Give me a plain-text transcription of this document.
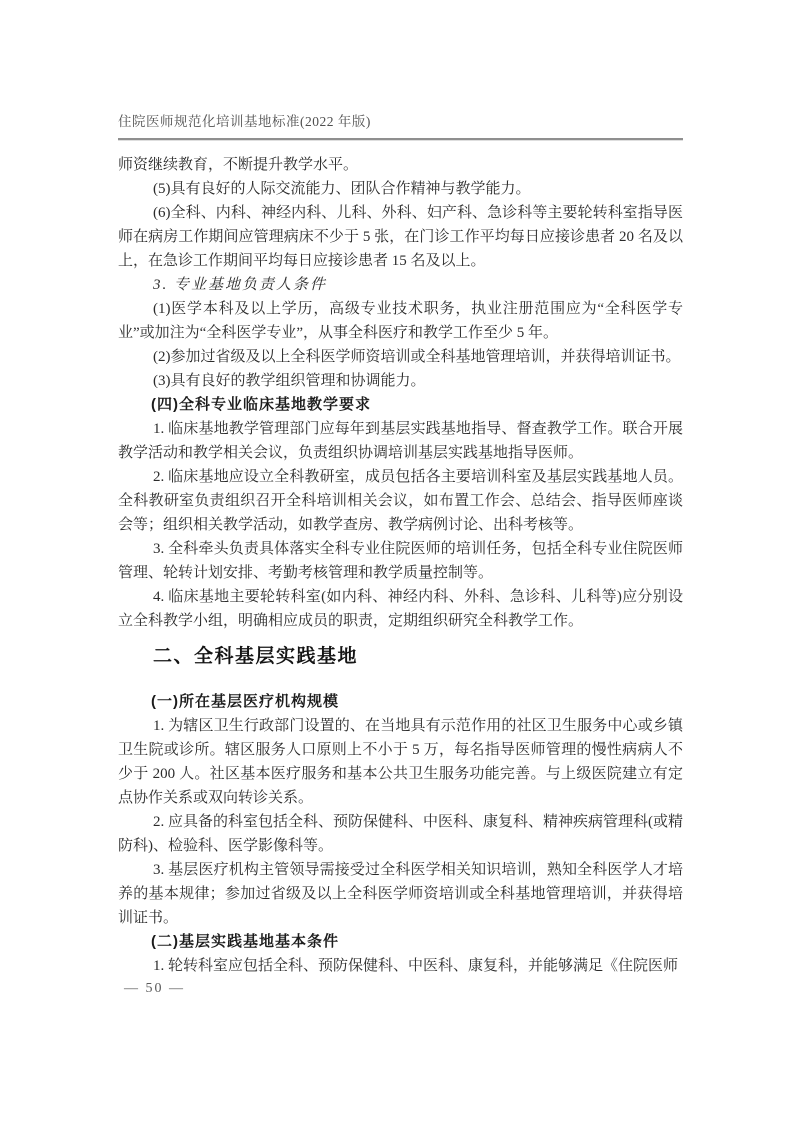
住院医师规范化培训基地标准(2022 年版)

师资继续教育，不断提升教学水平。

(5)具有良好的人际交流能力、团队合作精神与教学能力。

(6)全科、内科、神经内科、儿科、外科、妇产科、急诊科等主要轮转科室指导医师在病房工作期间应管理病床不少于 5 张，在门诊工作平均每日应接诊患者 20 名及以上，在急诊工作期间平均每日应接诊患者 15 名及以上。

3. 专业基地负责人条件

(1)医学本科及以上学历，高级专业技术职务，执业注册范围应为“全科医学专业”或加注为“全科医学专业”，从事全科医疗和教学工作至少 5 年。

(2)参加过省级及以上全科医学师资培训或全科基地管理培训，并获得培训证书。

(3)具有良好的教学组织管理和协调能力。

(四)全科专业临床基地教学要求

1. 临床基地教学管理部门应每年到基层实践基地指导、督查教学工作。联合开展教学活动和教学相关会议，负责组织协调培训基层实践基地指导医师。

2. 临床基地应设立全科教研室，成员包括各主要培训科室及基层实践基地人员。全科教研室负责组织召开全科培训相关会议，如布置工作会、总结会、指导医师座谈会等；组织相关教学活动，如教学查房、教学病例讨论、出科考核等。

3. 全科牵头负责具体落实全科专业住院医师的培训任务，包括全科专业住院医师管理、轮转计划安排、考勤考核管理和教学质量控制等。

4. 临床基地主要轮转科室(如内科、神经内科、外科、急诊科、儿科等)应分别设立全科教学小组，明确相应成员的职责，定期组织研究全科教学工作。

二、全科基层实践基地

(一)所在基层医疗机构规模

1. 为辖区卫生行政部门设置的、在当地具有示范作用的社区卫生服务中心或乡镇卫生院或诊所。辖区服务人口原则上不小于 5 万，每名指导医师管理的慢性病病人不少于 200 人。社区基本医疗服务和基本公共卫生服务功能完善。与上级医院建立有定点协作关系或双向转诊关系。

2. 应具备的科室包括全科、预防保健科、中医科、康复科、精神疾病管理科(或精防科)、检验科、医学影像科等。

3. 基层医疗机构主管领导需接受过全科医学相关知识培训，熟知全科医学人才培养的基本规律；参加过省级及以上全科医学师资培训或全科基地管理培训，并获得培训证书。

(二)基层实践基地基本条件

1. 轮转科室应包括全科、预防保健科、中医科、康复科，并能够满足《住院医师

— 50 —
